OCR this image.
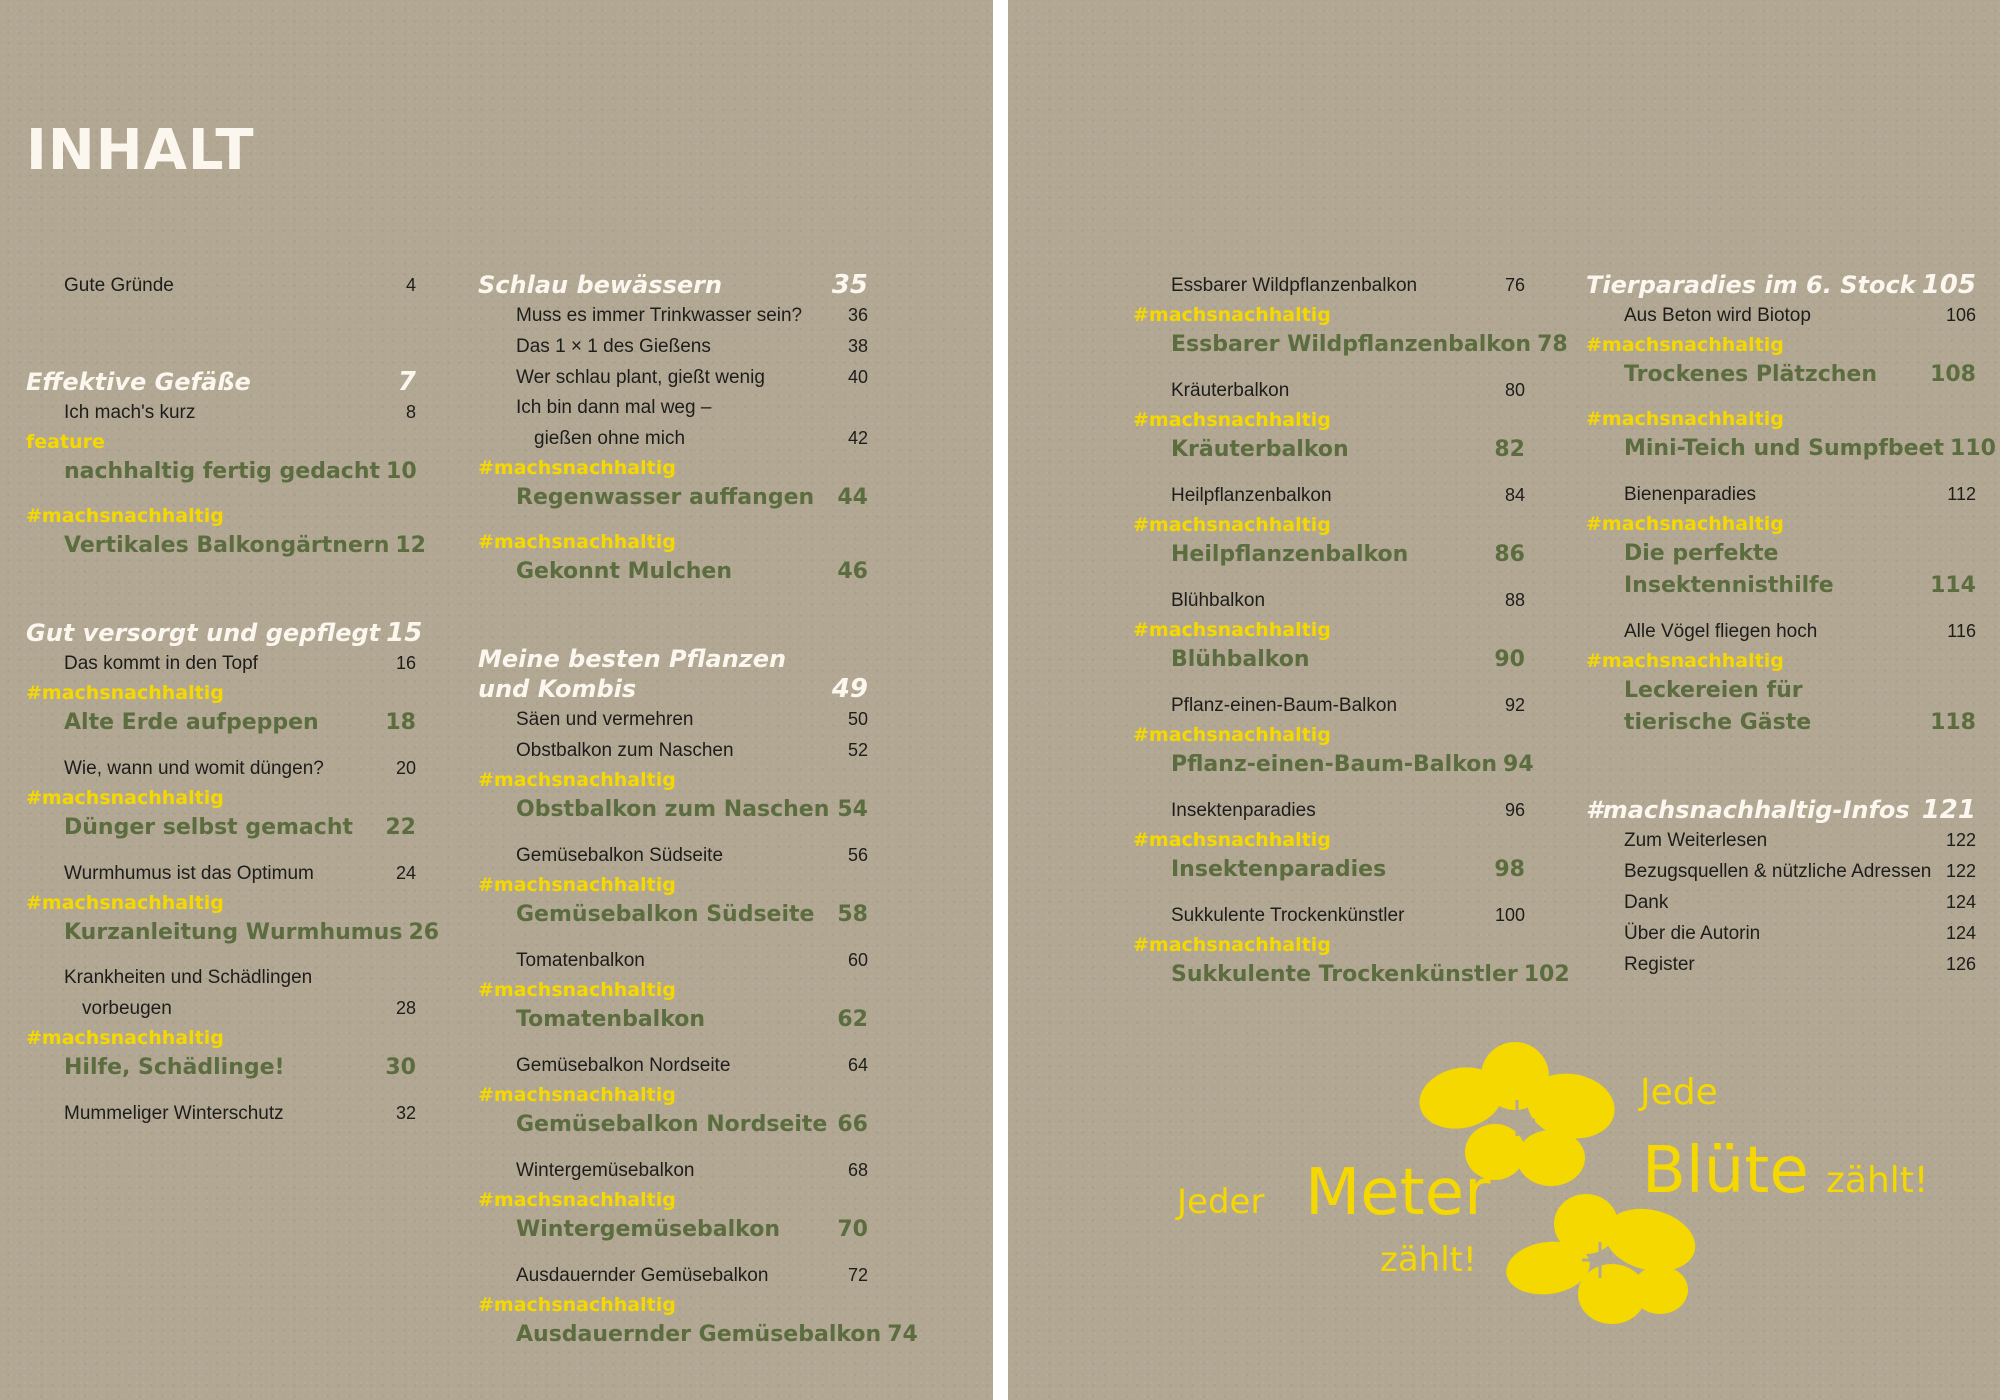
INHALT
Gute Gründe	4
Effektive Gefäße	7
Ich mach's kurz	8
feature
nachhaltig fertig gedacht 10
#machsnachhaltig
Vertikales Balkongärtnern 12
Gut versorgt und gepflegt 15
Das kommt in den Topf	16
#machsnachhaltig
Alte Erde aufpeppen	18
Wie, wann und womit düngen?	20
#machsnachhaltig
Dünger selbst gemacht 22
Wurmhumus ist das Optimum	24
#machsnachhaltig
Kurzanleitung Wurmhumus 26
Krankheiten und Schädlingen
vorbeugen	28
#machsnachhaltig
Hilfe, Schädlinge!	30
Mummeliger Winterschutz	32
Schlau bewässern	35
Muss es immer Trinkwasser sein?	36
Das 1 × 1 des Gießens	38
Wer schlau plant, gießt wenig	40
Ich bin dann mal weg –
gießen ohne mich	42
#machsnachhaltig
Regenwasser auffangen 44
#machsnachhaltig
Gekonnt Mulchen	46
Meine besten Pflanzen
und Kombis	49
Säen und vermehren	50
Obstbalkon zum Naschen	52
#machsnachhaltig
Obstbalkon zum Naschen 54
Gemüsebalkon Südseite	56
#machsnachhaltig
Gemüsebalkon Südseite 58
Tomatenbalkon	60
#machsnachhaltig
Tomatenbalkon	62
Gemüsebalkon Nordseite	64
#machsnachhaltig
Gemüsebalkon Nordseite 66
Wintergemüsebalkon	68
#machsnachhaltig
Wintergemüsebalkon	70
Ausdauernder Gemüsebalkon	72
#machsnachhaltig
Ausdauernder Gemüsebalkon 74
Essbarer Wildpflanzenbalkon	76
#machsnachhaltig
Essbarer Wildpflanzenbalkon 78
Kräuterbalkon	80
#machsnachhaltig
Kräuterbalkon	82
Heilpflanzenbalkon	84
#machsnachhaltig
Heilpflanzenbalkon	86
Blühbalkon	88
#machsnachhaltig
Blühbalkon	90
Pflanz-einen-Baum-Balkon	92
#machsnachhaltig
Pflanz-einen-Baum-Balkon 94
Insektenparadies	96
#machsnachhaltig
Insektenparadies	98
Sukkulente Trockenkünstler	100
#machsnachhaltig
Sukkulente Trockenkünstler 102
Tierparadies im 6. Stock 105
Aus Beton wird Biotop	106
#machsnachhaltig
Trockenes Plätzchen 108
#machsnachhaltig
Mini-Teich und Sumpfbeet 110
Bienenparadies	112
#machsnachhaltig
Die perfekte
Insektennisthilfe	114
Alle Vögel fliegen hoch	116
#machsnachhaltig
Leckereien für
tierische Gäste	118
#machsnachhaltig-Infos 121
Zum Weiterlesen	122
Bezugsquellen & nützliche Adressen 122
Dank	124
Über die Autorin	124
Register	126
Jeder Meter
zählt!
Jede
Blüte zählt!
